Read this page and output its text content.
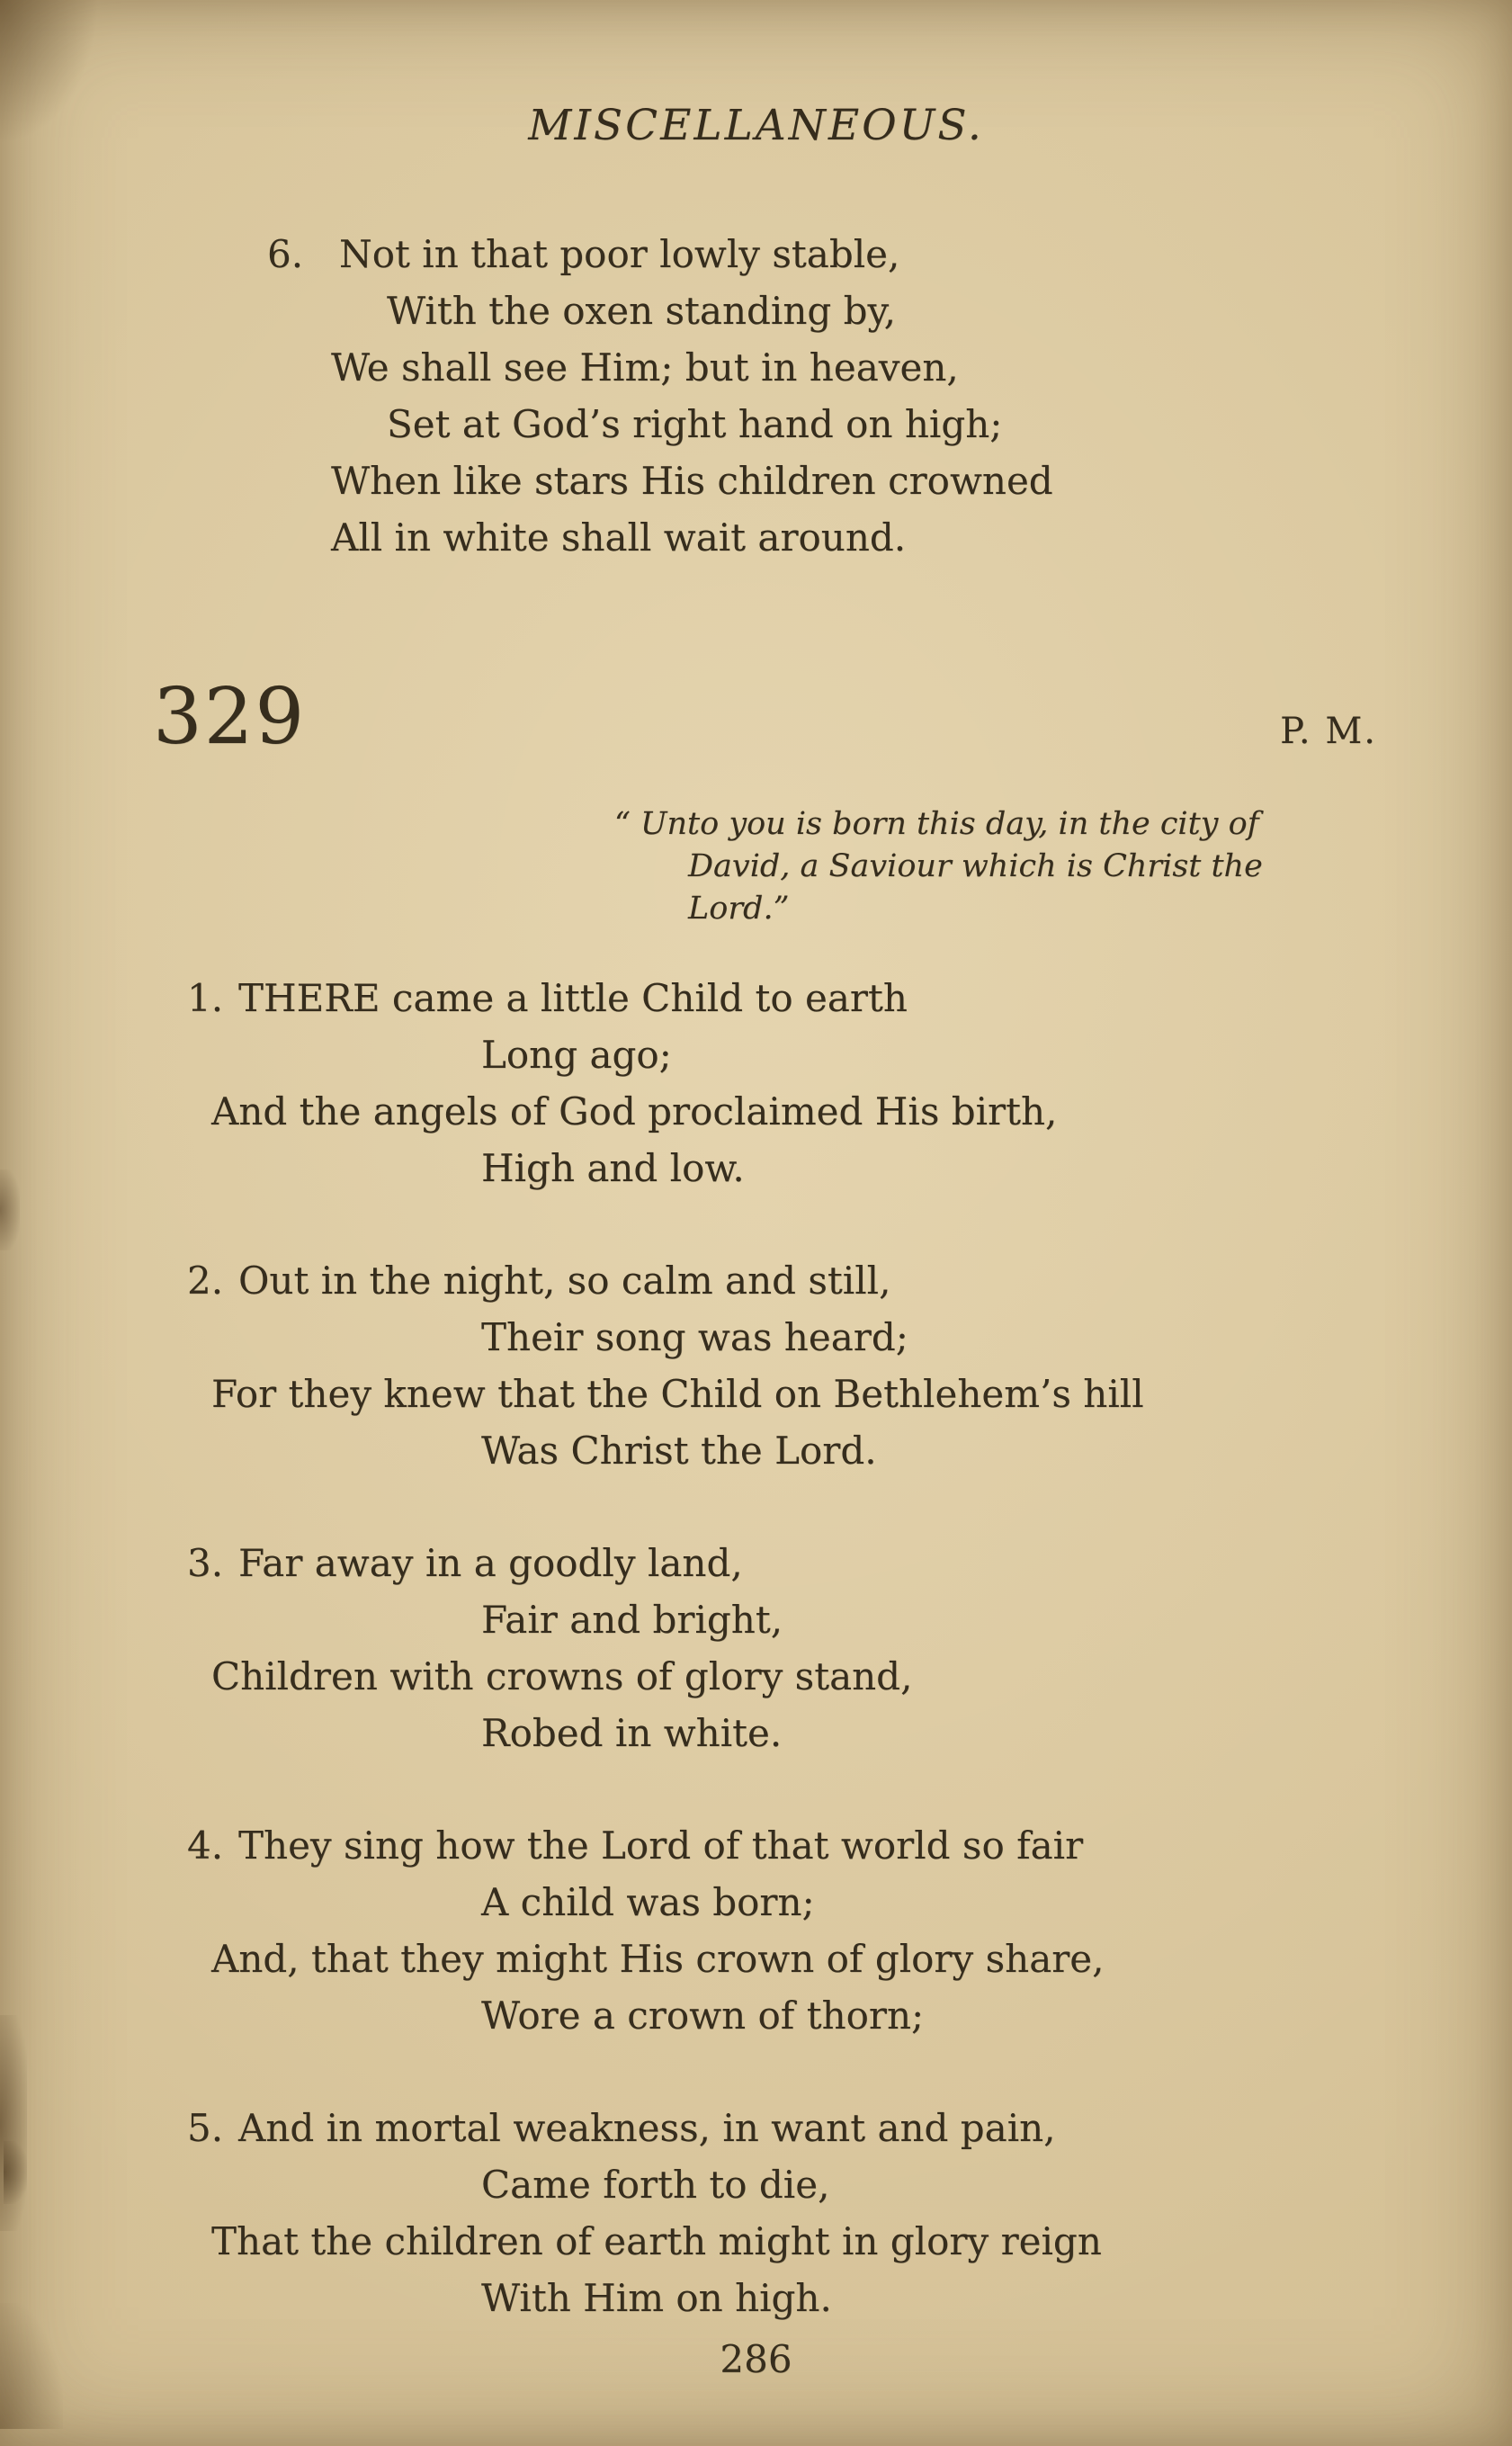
MISCELLANEOUS.
6. Not in that poor lowly stable,
With the oxen standing by,
We shall see Him; but in heaven,
Set at God’s right hand on high;
When like stars His children crowned
All in white shall wait around.
329	P. M.
“ Unto you is born this day, in the city of
David, a Saviour which is Christ the
Lord.”
1. THERE came a little Child to earth
Long ago;
And the angels of God proclaimed His birth,
High and low.
2. Out in the night, so calm and still,
Their song was heard;
For they knew that the Child on Bethlehem’s hill
Was Christ the Lord.
3. Far away in a goodly land,
Fair and bright,
Children with crowns of glory stand,
Robed in white.
4. They sing how the Lord of that world so fair
A child was born;
And, that they might His crown of glory share,
Wore a crown of thorn;
5. And in mortal weakness, in want and pain,
Came forth to die,
That the children of earth might in glory reign
With Him on high.
286
